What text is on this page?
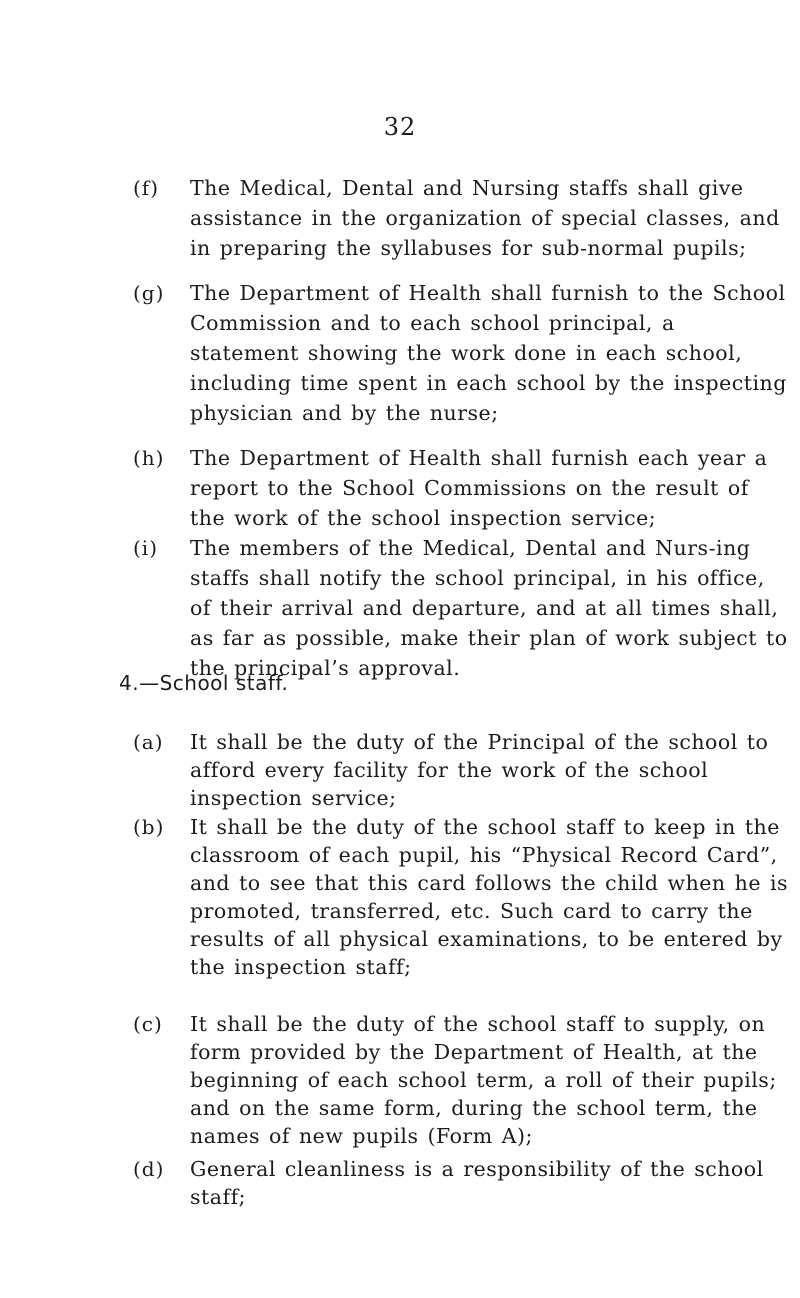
32
(f)	The Medical, Dental and Nursing staffs shall give assistance in the organization of special classes, and in preparing the syllabuses for sub-normal pupils;
(g)	The Department of Health shall furnish to the School Commission and to each school principal, a statement showing the work done in each school, including time spent in each school by the inspecting physician and by the nurse;
(h)	The Department of Health shall furnish each year a report to the School Commissions on the result of the work of the school inspection service;
(i)	The members of the Medical, Dental and Nurs-ing staffs shall notify the school principal, in his office, of their arrival and departure, and at all times shall, as far as possible, make their plan of work subject to the principal’s approval.
4.—School staff.
(a)	It shall be the duty of the Principal of the school to afford every facility for the work of the school inspection service;
(b)	It shall be the duty of the school staff to keep in the classroom of each pupil, his “Physical Record Card”, and to see that this card follows the child when he is promoted, transferred, etc. Such card to carry the results of all physical examinations, to be entered by the inspection staff;
(c)	It shall be the duty of the school staff to supply, on form provided by the Department of Health, at the beginning of each school term, a roll of their pupils; and on the same form, during the school term, the names of new pupils (Form A);
(d)	General cleanliness is a responsibility of the school staff;
